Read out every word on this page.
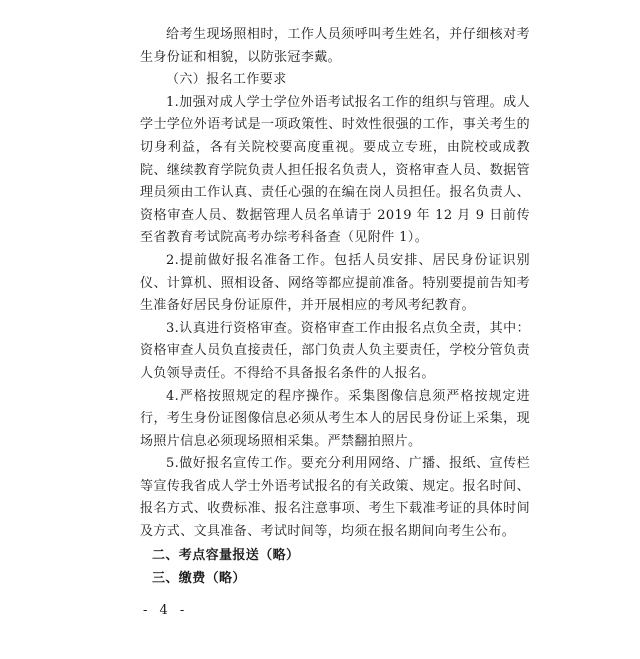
给考生现场照相时，工作人员须呼叫考生姓名，并仔细核对考生身份证和相貌，以防张冠李戴。

（六）报名工作要求

1.加强对成人学士学位外语考试报名工作的组织与管理。成人学士学位外语考试是一项政策性、时效性很强的工作，事关考生的切身利益，各有关院校要高度重视。要成立专班，由院校或成教院、继续教育学院负责人担任报名负责人，资格审查人员、数据管理员须由工作认真、责任心强的在编在岗人员担任。报名负责人、资格审查人员、数据管理人员名单请于 2019 年 12 月 9 日前传至省教育考试院高考办综考科备查（见附件 1）。

2.提前做好报名准备工作。包括人员安排、居民身份证识别仪、计算机、照相设备、网络等都应提前准备。特别要提前告知考生准备好居民身份证原件，并开展相应的考风考纪教育。

3.认真进行资格审查。资格审查工作由报名点负全责，其中：资格审查人员负直接责任，部门负责人负主要责任，学校分管负责人负领导责任。不得给不具备报名条件的人报名。

4.严格按照规定的程序操作。采集图像信息须严格按规定进行，考生身份证图像信息必须从考生本人的居民身份证上采集，现场照片信息必须现场照相采集。严禁翻拍照片。

5.做好报名宣传工作。要充分利用网络、广播、报纸、宣传栏等宣传我省成人学士外语考试报名的有关政策、规定。报名时间、报名方式、收费标准、报名注意事项、考生下载准考证的具体时间及方式、文具准备、考试时间等，均须在报名期间向考生公布。

二、考点容量报送（略）

三、缴费（略）

- 4 -
